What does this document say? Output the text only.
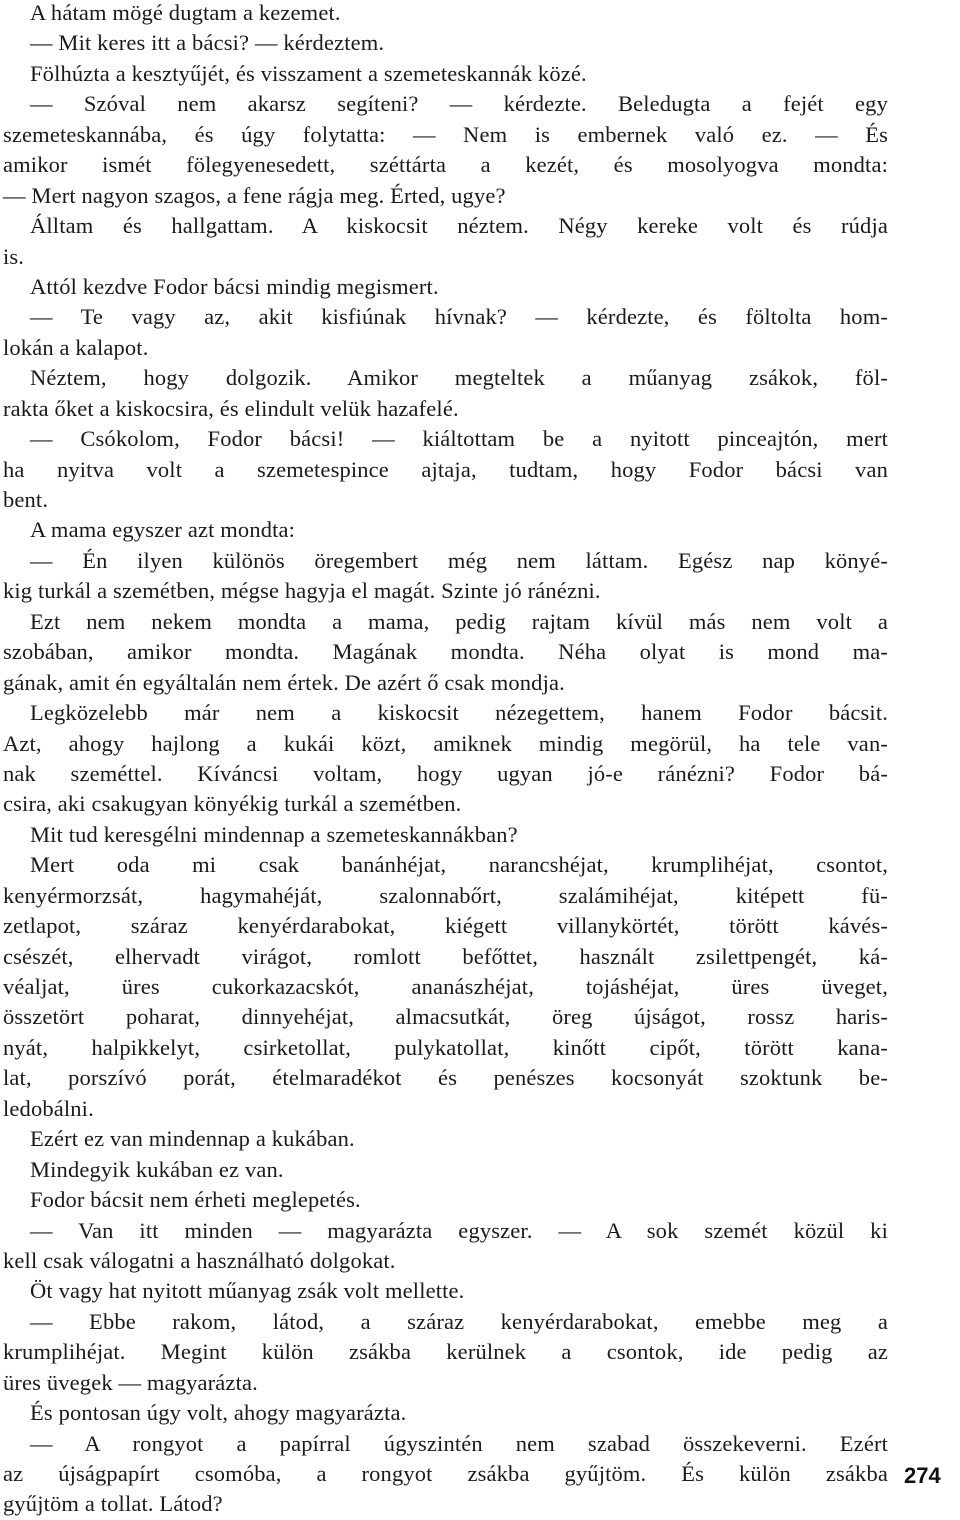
A hátam mögé dugtam a kezemet.
— Mit keres itt a bácsi? — kérdeztem.
Fölhúzta a kesztyűjét, és visszament a szemeteskannák közé.
— Szóval nem akarsz segíteni? — kérdezte. Beledugta a fejét egy
szemeteskannába, és úgy folytatta: — Nem is embernek való ez. — És
amikor ismét fölegyenesedett, széttárta a kezét, és mosolyogva mondta:
— Mert nagyon szagos, a fene rágja meg. Érted, ugye?
Álltam és hallgattam. A kiskocsit néztem. Négy kereke volt és rúdja
is.
Attól kezdve Fodor bácsi mindig megismert.
— Te vagy az, akit kisfiúnak hívnak? — kérdezte, és föltolta hom-
lokán a kalapot.
Néztem, hogy dolgozik. Amikor megteltek a műanyag zsákok, föl-
rakta őket a kiskocsira, és elindult velük hazafelé.
— Csókolom, Fodor bácsi! — kiáltottam be a nyitott pinceajtón, mert
ha nyitva volt a szemetespince ajtaja, tudtam, hogy Fodor bácsi van
bent.
A mama egyszer azt mondta:
— Én ilyen különös öregembert még nem láttam. Egész nap könyé-
kig turkál a szemétben, mégse hagyja el magát. Szinte jó ránézni.
Ezt nem nekem mondta a mama, pedig rajtam kívül más nem volt a
szobában, amikor mondta. Magának mondta. Néha olyat is mond ma-
gának, amit én egyáltalán nem értek. De azért ő csak mondja.
Legközelebb már nem a kiskocsit nézegettem, hanem Fodor bácsit.
Azt, ahogy hajlong a kukái közt, amiknek mindig megörül, ha tele van-
nak szeméttel. Kíváncsi voltam, hogy ugyan jó-e ránézni? Fodor bá-
csira, aki csakugyan könyékig turkál a szemétben.
Mit tud keresgélni mindennap a szemeteskannákban?
Mert oda mi csak banánhéjat, narancshéjat, krumplihéjat, csontot,
kenyérmorzsát, hagymahéját, szalonnabőrt, szalámihéjat, kitépett fü-
zetlapot, száraz kenyérdarabokat, kiégett villanykörtét, törött kávés-
csészét, elhervadt virágot, romlott befőttet, használt zsilettpengét, ká-
véaljat, üres cukorkazacskót, ananászhéjat, tojáshéjat, üres üveget,
összetört poharat, dinnyehéjat, almacsutkát, öreg újságot, rossz haris-
nyát, halpikkelyt, csirketollat, pulykatollat, kinőtt cipőt, törött kana-
lat, porszívó porát, ételmaradékot és penészes kocsonyát szoktunk be-
ledobálni.
Ezért ez van mindennap a kukában.
Mindegyik kukában ez van.
Fodor bácsit nem érheti meglepetés.
— Van itt minden — magyarázta egyszer. — A sok szemét közül ki
kell csak válogatni a használható dolgokat.
Öt vagy hat nyitott műanyag zsák volt mellette.
— Ebbe rakom, látod, a száraz kenyérdarabokat, emebbe meg a
krumplihéjat. Megint külön zsákba kerülnek a csontok, ide pedig az
üres üvegek — magyarázta.
És pontosan úgy volt, ahogy magyarázta.
— A rongyot a papírral úgyszintén nem szabad összekeverni. Ezért
az újságpapírt csomóba, a rongyot zsákba gyűjtöm. És külön zsákba
gyűjtöm a tollat. Látod?
274
